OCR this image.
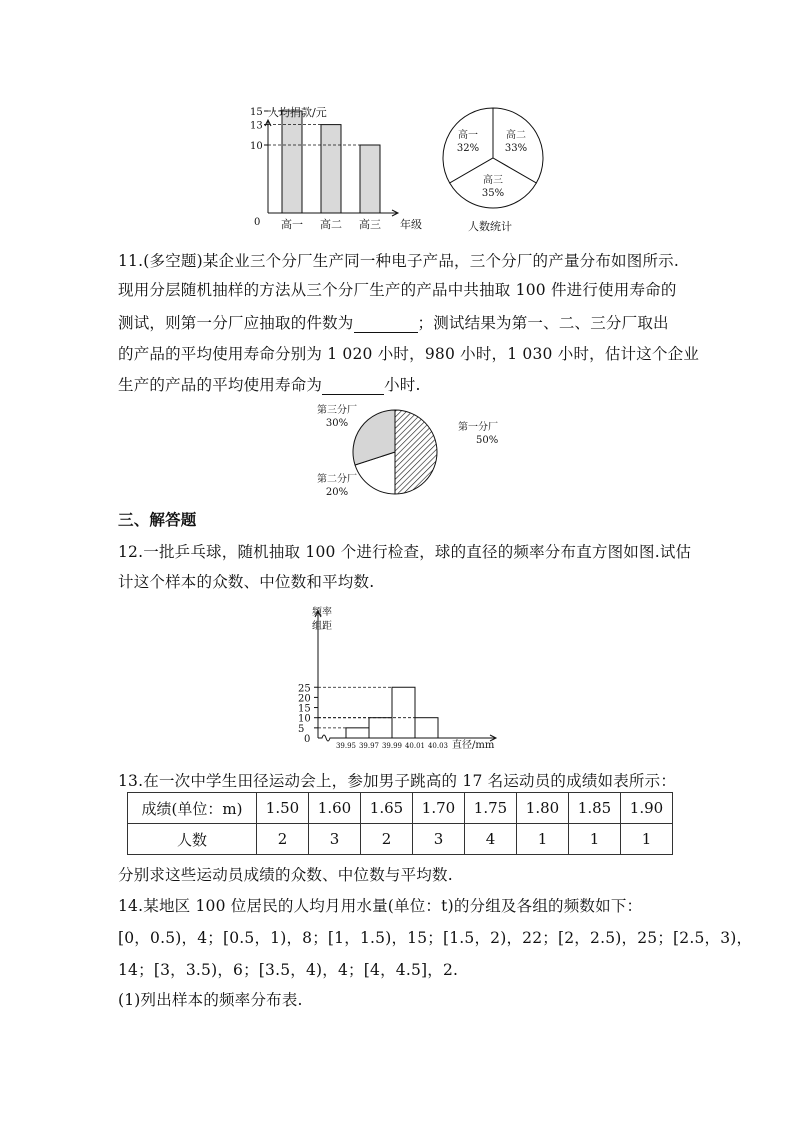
0
10
13
15
高一 高二 高三
人均捐款/元
年级
高一
32%
高二
33%
高三
35%
人数统计
11.(多空题)某企业三个分厂生产同一种电子产品，三个分厂的产量分布如图所示.
现用分层随机抽样的方法从三个分厂生产的产品中共抽取 100 件进行使用寿命的
测试，则第一分厂应抽取的件数为	；测试结果为第一、二、三分厂取出
的产品的平均使用寿命分别为 1 020 小时，980 小时，1 030 小时，估计这个企业
生产的产品的平均使用寿命为	小时.
第一分厂
50%
第二分厂
20%
第三分厂
30%
三、解答题
12.一批乒乓球，随机抽取 100 个进行检查，球的直径的频率分布直方图如图.试估
计这个样本的众数、中位数和平均数.
0
5
10
15
20
25
39.95 39.97 39.99 40.01 40.03
频率
组距
直径/mm
13.在一次中学生田径运动会上，参加男子跳高的 17 名运动员的成绩如表所示：
成绩(单位：m)	1.50	1.60	1.65	1.70	1.75	1.80	1.85	1.90
人数	2	3	2	3	4	1	1	1
分别求这些运动员成绩的众数、中位数与平均数.
14.某地区 100 位居民的人均月用水量(单位：t)的分组及各组的频数如下：
[0，0.5)，4；[0.5，1)，8；[1，1.5)，15；[1.5，2)，22；[2，2.5)，25；[2.5，3)，
14；[3，3.5)，6；[3.5，4)，4；[4，4.5]，2.
(1)列出样本的频率分布表.
